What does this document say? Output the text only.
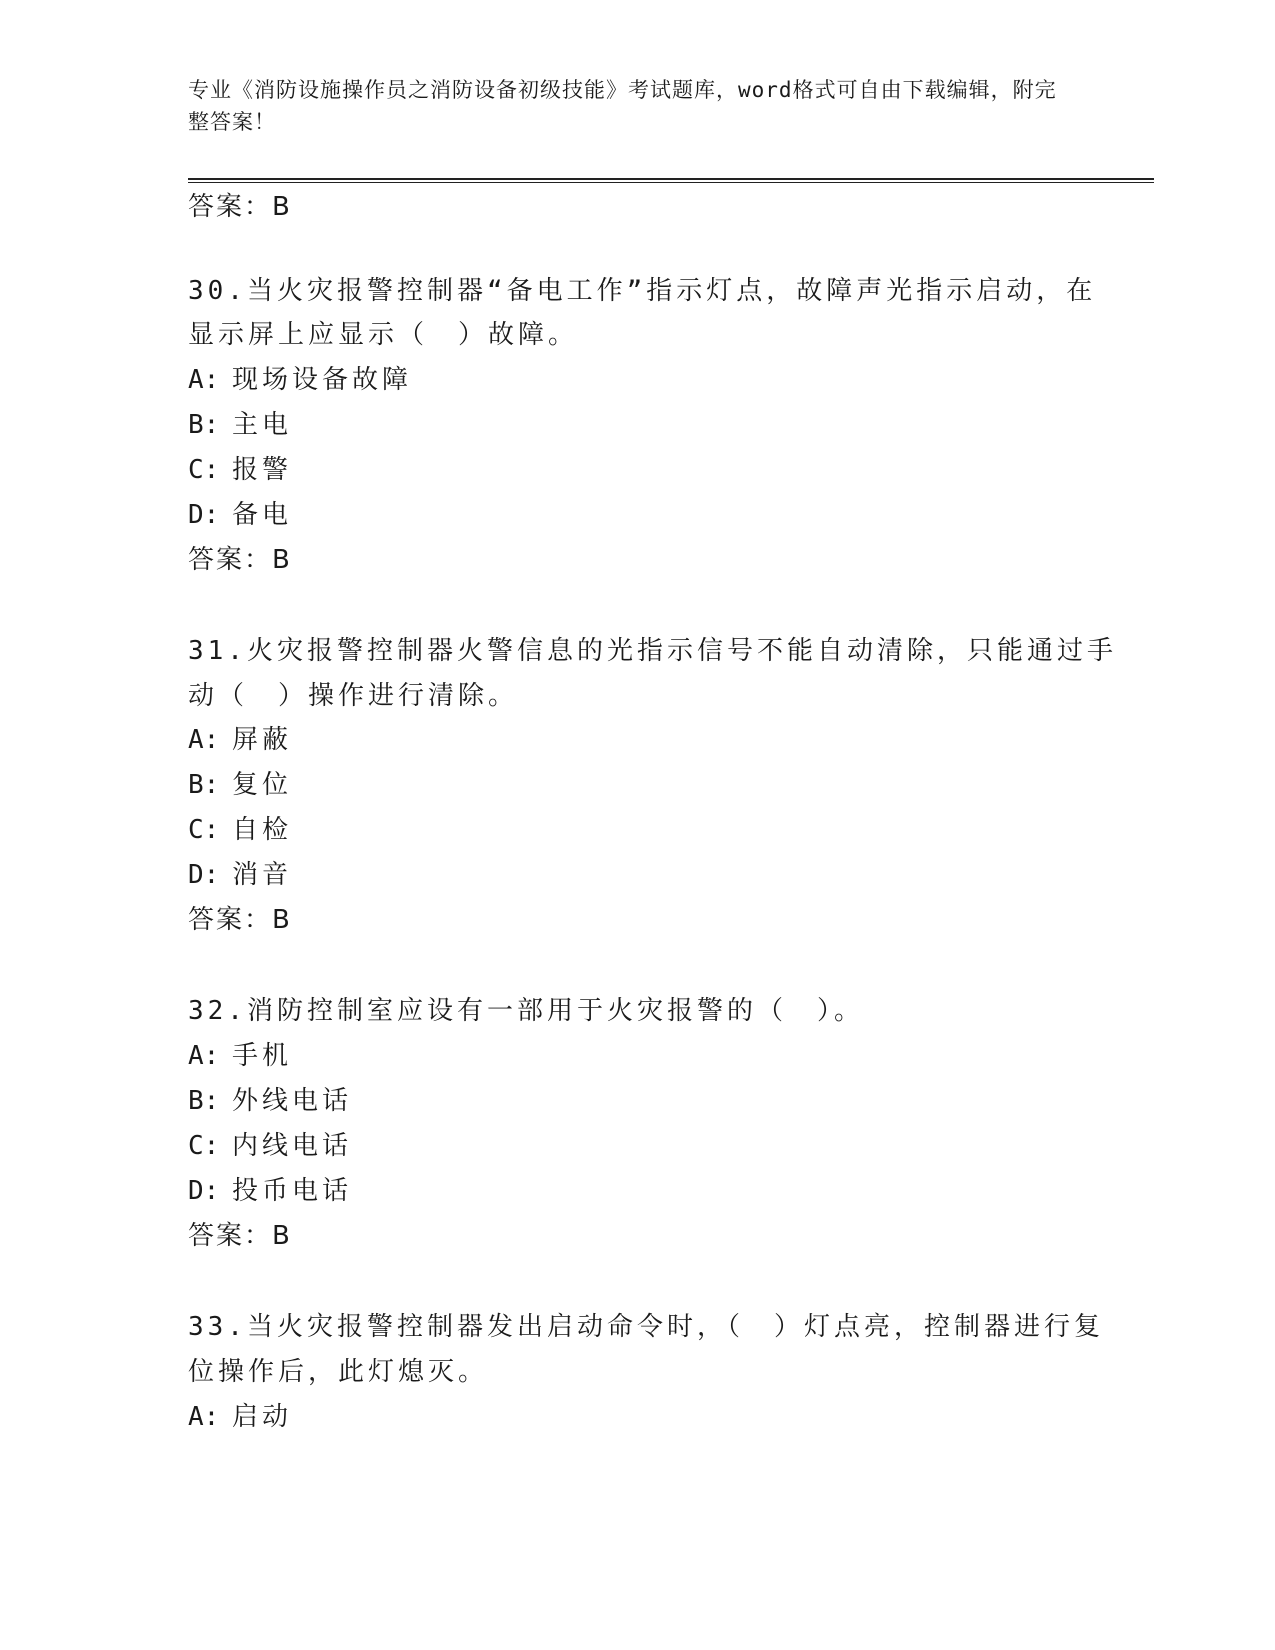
专业《消防设施操作员之消防设备初级技能》考试题库，word格式可自由下载编辑，附完整答案！
答案：B
30.当火灾报警控制器“备电工作”指示灯点，故障声光指示启动，在
显示屏上应显示（　）故障。
A: 现场设备故障
B: 主电
C: 报警
D: 备电
答案：B
31.火灾报警控制器火警信息的光指示信号不能自动清除，只能通过手
动（　）操作进行清除。
A: 屏蔽
B: 复位
C: 自检
D: 消音
答案：B
32.消防控制室应设有一部用于火灾报警的（　）。
A: 手机
B: 外线电话
C: 内线电话
D: 投币电话
答案：B
33.当火灾报警控制器发出启动命令时，（　）灯点亮，控制器进行复
位操作后，此灯熄灭。
A: 启动
